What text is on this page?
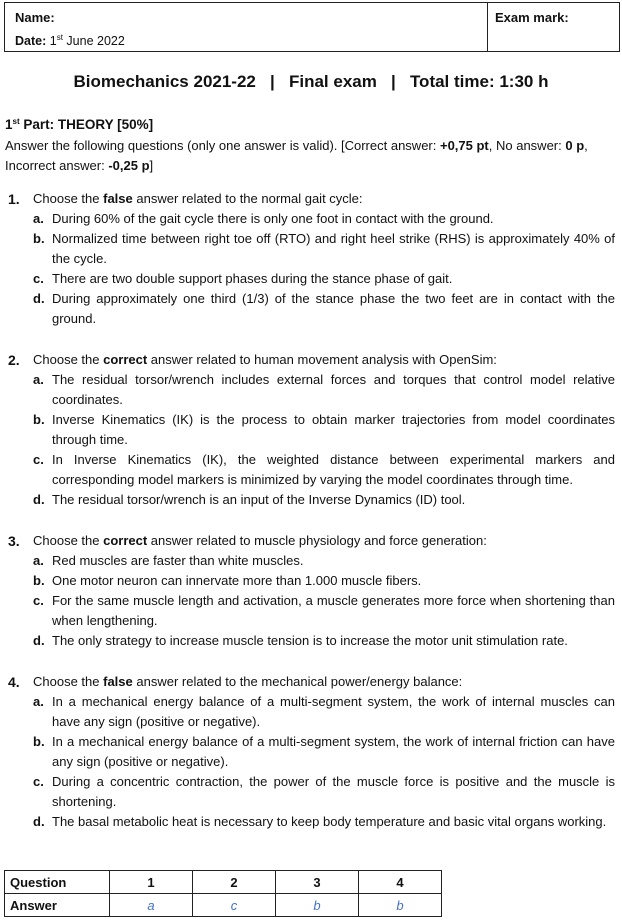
Name:
Date: 1st June 2022
Exam mark:
Biomechanics 2021-22   |   Final exam   |   Total time: 1:30 h
1st Part: THEORY [50%]
Answer the following questions (only one answer is valid). [Correct answer: +0,75 pt, No answer: 0 p, Incorrect answer: -0,25 p]
1. Choose the false answer related to the normal gait cycle:
a. During 60% of the gait cycle there is only one foot in contact with the ground.
b. Normalized time between right toe off (RTO) and right heel strike (RHS) is approximately 40% of the cycle.
c. There are two double support phases during the stance phase of gait.
d. During approximately one third (1/3) of the stance phase the two feet are in contact with the ground.
2. Choose the correct answer related to human movement analysis with OpenSim:
a. The residual torsor/wrench includes external forces and torques that control model relative coordinates.
b. Inverse Kinematics (IK) is the process to obtain marker trajectories from model coordinates through time.
c. In Inverse Kinematics (IK), the weighted distance between experimental markers and corresponding model markers is minimized by varying the model coordinates through time.
d. The residual torsor/wrench is an input of the Inverse Dynamics (ID) tool.
3. Choose the correct answer related to muscle physiology and force generation:
a. Red muscles are faster than white muscles.
b. One motor neuron can innervate more than 1.000 muscle fibers.
c. For the same muscle length and activation, a muscle generates more force when shortening than when lengthening.
d. The only strategy to increase muscle tension is to increase the motor unit stimulation rate.
4. Choose the false answer related to the mechanical power/energy balance:
a. In a mechanical energy balance of a multi-segment system, the work of internal muscles can have any sign (positive or negative).
b. In a mechanical energy balance of a multi-segment system, the work of internal friction can have any sign (positive or negative).
c. During a concentric contraction, the power of the muscle force is positive and the muscle is shortening.
d. The basal metabolic heat is necessary to keep body temperature and basic vital organs working.
Question	1	2	3	4
Answer	a	c	b	b
